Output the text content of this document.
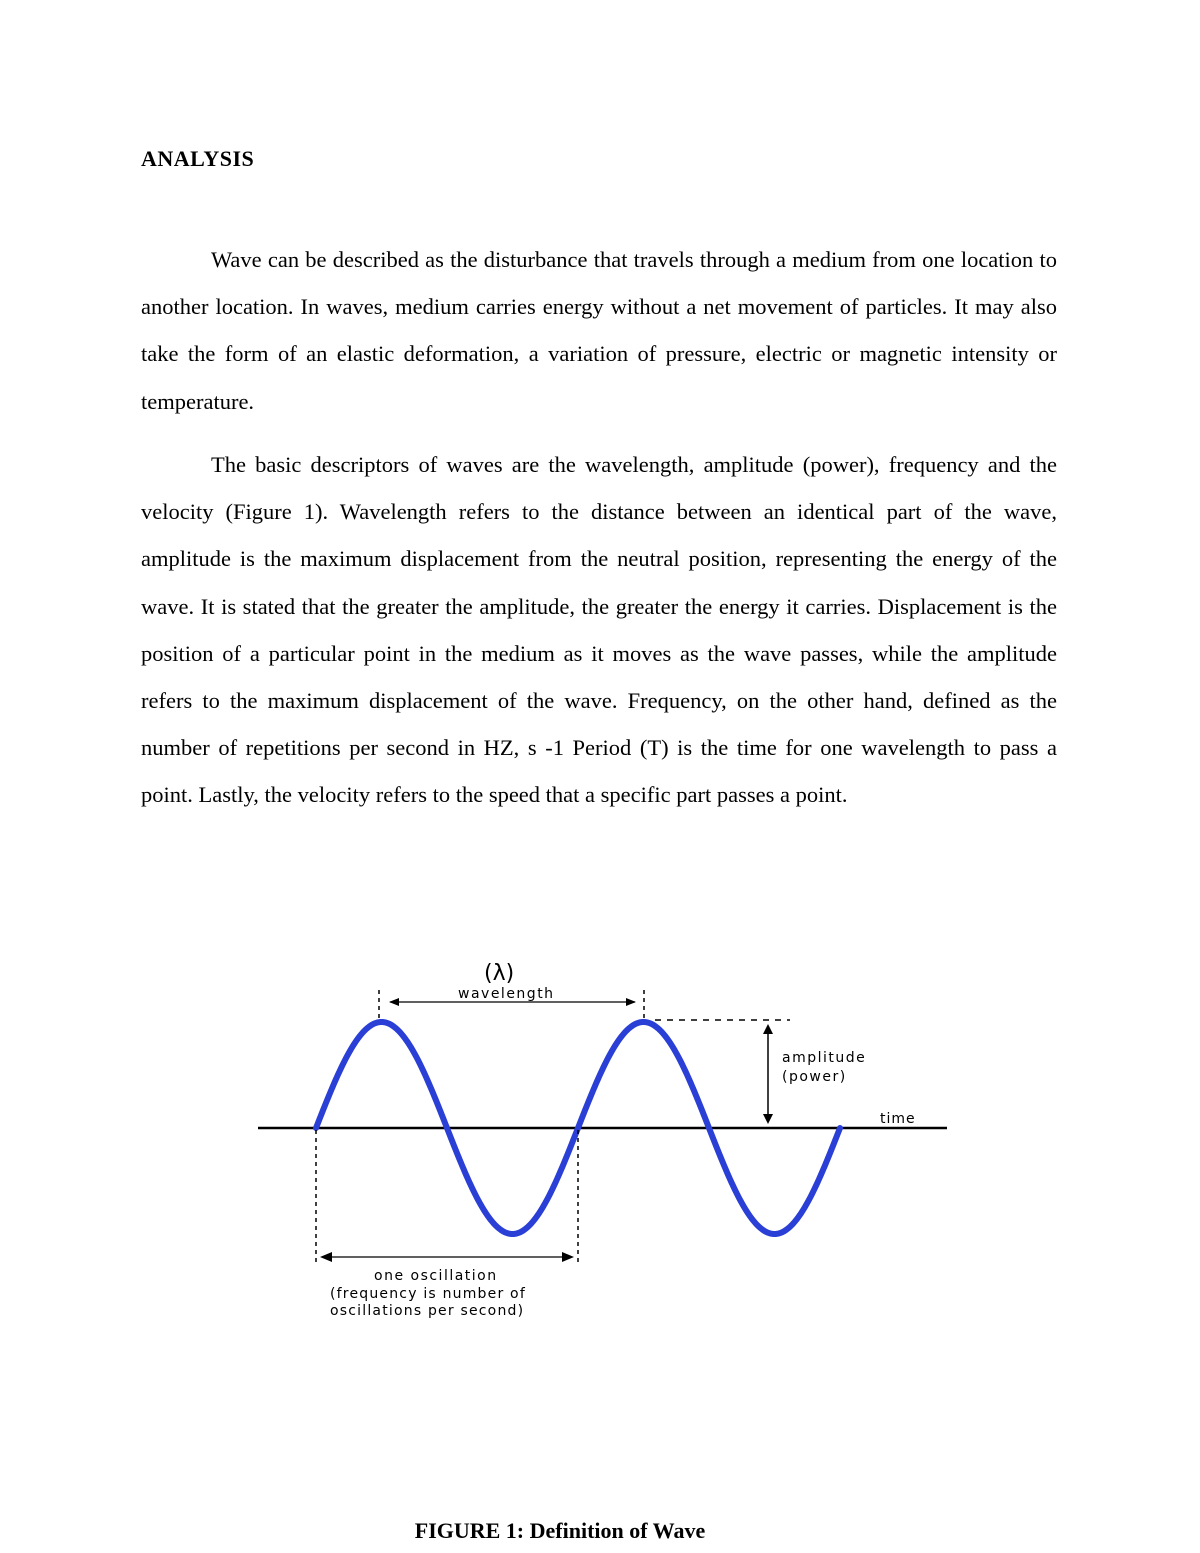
ANALYSIS

Wave can be described as the disturbance that travels through a medium from one location to another location. In waves, medium carries energy without a net movement of particles. It may also take the form of an elastic deformation, a variation of pressure, electric or magnetic intensity or temperature.

The basic descriptors of waves are the wavelength, amplitude (power), frequency and the velocity (Figure 1). Wavelength refers to the distance between an identical part of the wave, amplitude is the maximum displacement from the neutral position, representing the energy of the wave. It is stated that the greater the amplitude, the greater the energy it carries. Displacement is the position of a particular point in the medium as it moves as the wave passes, while the amplitude refers to the maximum displacement of the wave. Frequency, on the other hand, defined as the number of repetitions per second in HZ, s -1 Period (T) is the time for one wavelength to pass a point. Lastly, the velocity refers to the speed that a specific part passes a point.

time
(λ)
wavelength
amplitude
(power)
one oscillation
(frequency is number of
oscillations per second)

FIGURE 1: Definition of Wave
